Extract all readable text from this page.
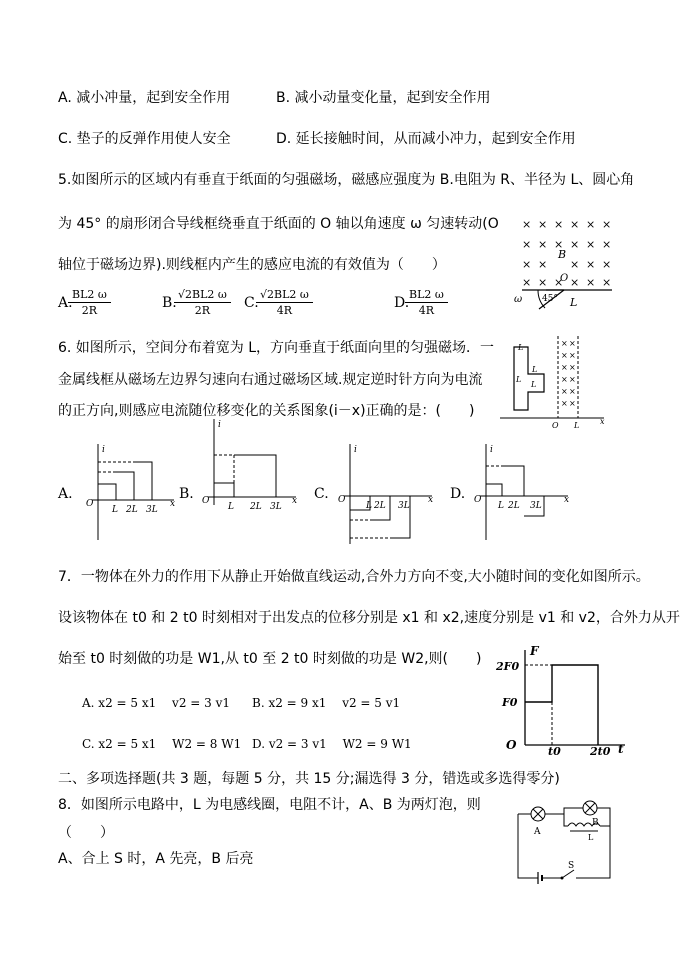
A. 减小冲量，起到安全作用	B. 减小动量变化量，起到安全作用
C. 垫子的反弹作用使人安全	D. 延长接触时间，从而减小冲力，起到安全作用
5.如图所示的区域内有垂直于纸面的匀强磁场，磁感应强度为 B.电阻为 R、半径为 L、圆心角
为 45° 的扇形闭合导线框绕垂直于纸面的 O 轴以角速度 ω 匀速转动(O
轴位于磁场边界).则线框内产生的感应电流的有效值为（　　）
A.
$\frac{BL2 \omega}{2R}$	B.
$\frac{√2BL2 \omega}{2R} C$.
$\frac{√2BL2 \omega}{4R}$	D.
$\frac{BL2 \omega}{4R}$
× × × × × ×
× × × × × ×
× × × × ×
× × × × × ×
B
O
45° L
ω
6. 如图所示，空间分布着宽为 L，方向垂直于纸面向里的匀强磁场．一
金属线框从磁场左边界匀速向右通过磁场区域.规定逆时针方向为电流
的正方向,则感应电流随位移变化的关系图象(i－x)正确的是：(　　)
L
L
L
L
× ×
× ×
× ×
× ×
× ×
× ×
O L	x
A.
i
O
L 2L 3L
x
B.
i
O
L 2L 3L
x C.
i
O
L 2L 3L
x D.
i
O
L 2L 3L
x
7．一物体在外力的作用下从静止开始做直线运动,合外力方向不变,大小随时间的变化如图所示。
设该物体在 t0 和 2 t0 时刻相对于出发点的位移分别是 x1 和 x2,速度分别是 v1 和 v2，合外力从开
始至 t0 时刻做的功是 W1,从 t0 至 2 t0 时刻做的功是 W2,则(　　)
A. x2 = 5 x1　 v2 = 3 v1 B. x2 = 9 x1　 v2 = 5 v1
C. x2 = 5 x1　 W2 = 8 W1 D. v2 = 3 v1　 W2 = 9 W1
F
2F0
F0
O	t0	2t0 t
二、多项选择题(共 3 题，每题 5 分，共 15 分;漏选得 3 分，错选或多选得零分)
8．如图所示电路中，L 为电感线圈，电阻不计，A、B 为两灯泡，则
（　　）
A、合上 S 时，A 先亮，B 后亮
A
B
L
S
